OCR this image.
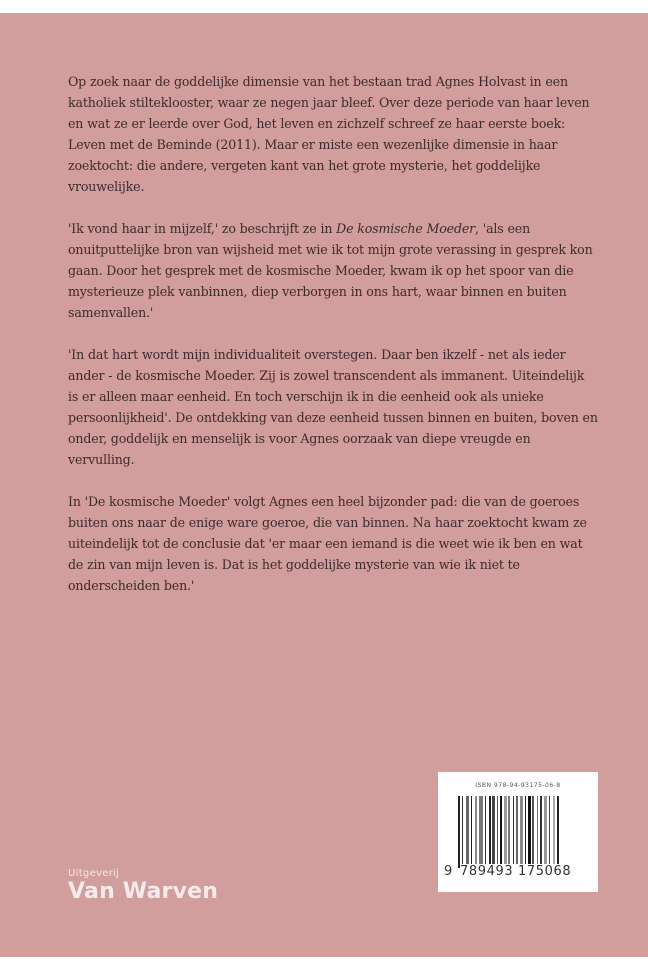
Op zoek naar de goddelijke dimensie van het bestaan trad Agnes Holvast in een katholiek stilteklooster, waar ze negen jaar bleef. Over deze periode van haar leven en wat ze er leerde over God, het leven en zichzelf schreef ze haar eerste boek: Leven met de Beminde (2011). Maar er miste een wezenlijke dimensie in haar zoektocht: die andere, vergeten kant van het grote mysterie, het goddelijke vrouwelijke.

'Ik vond haar in mijzelf,' zo beschrijft ze in De kosmische Moeder, 'als een onuitputtelijke bron van wijsheid met wie ik tot mijn grote verassing in gesprek kon gaan. Door het gesprek met de kosmische Moeder, kwam ik op het spoor van die mysterieuze plek vanbinnen, diep verborgen in ons hart, waar binnen en buiten samenvallen.'

'In dat hart wordt mijn individualiteit overstegen. Daar ben ikzelf - net als ieder ander - de kosmische Moeder. Zij is zowel transcendent als immanent. Uiteindelijk is er alleen maar eenheid. En toch verschijn ik in die eenheid ook als unieke persoonlijkheid'. De ontdekking van deze eenheid tussen binnen en buiten, boven en onder, goddelijk en menselijk is voor Agnes oorzaak van diepe vreugde en vervulling.

In 'De kosmische Moeder' volgt Agnes een heel bijzonder pad: die van de goeroes buiten ons naar de enige ware goeroe, die van binnen. Na haar zoektocht kwam ze uiteindelijk tot de conclusie dat 'er maar een iemand is die weet wie ik ben en wat de zin van mijn leven is. Dat is het goddelijke mysterie van wie ik niet te onderscheiden ben.'

ISBN 978-94-93175-06-8
9 789493 175068
Uitgeverij
Van Warven
